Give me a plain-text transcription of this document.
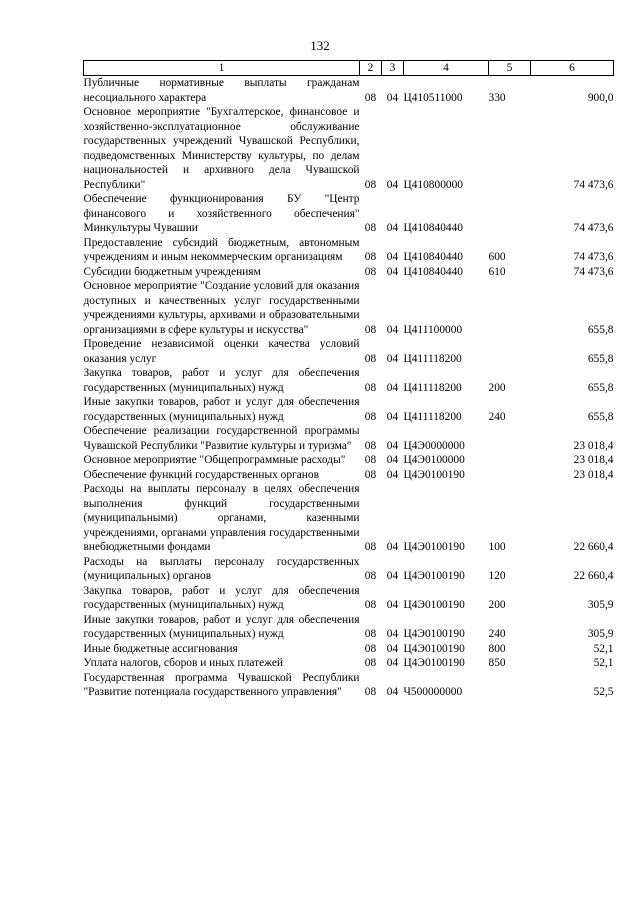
132
1	2	3	4	5	6
Публичные нормативные выплаты гражданам несоциального характера	08	04	Ц410511000	330	900,0
Основное мероприятие "Бухгалтерское, финансовое и хозяйственно-эксплуатационное обслуживание государственных учреждений Чувашской Республики, подведомственных Министерству культуры, по делам национальностей и архивного дела Чувашской Республики"	08	04	Ц410800000		74 473,6
Обеспечение функционирования БУ "Центр финансового и хозяйственного обеспечения" Минкультуры Чувашии	08	04	Ц410840440		74 473,6
Предоставление субсидий бюджетным, автономным учреждениям и иным некоммерческим организациям	08	04	Ц410840440	600	74 473,6
Субсидии бюджетным учреждениям	08	04	Ц410840440	610	74 473,6
Основное мероприятие "Создание условий для оказания доступных и качественных услуг государственными учреждениями культуры, архивами и образовательными организациями в сфере культуры и искусства"	08	04	Ц411100000		655,8
Проведение независимой оценки качества условий оказания услуг	08	04	Ц411118200		655,8
Закупка товаров, работ и услуг для обеспечения государственных (муниципальных) нужд	08	04	Ц411118200	200	655,8
Иные закупки товаров, работ и услуг для обеспечения государственных (муниципальных) нужд	08	04	Ц411118200	240	655,8
Обеспечение реализации государственной программы Чувашской Республики "Развитие культуры и туризма"	08	04	Ц4Э0000000		23 018,4
Основное мероприятие "Общепрограммные расходы"	08	04	Ц4Э0100000		23 018,4
Обеспечение функций государственных органов	08	04	Ц4Э0100190		23 018,4
Расходы на выплаты персоналу в целях обеспечения выполнения функций государственными (муниципальными) органами, казенными учреждениями, органами управления государственными внебюджетными фондами	08	04	Ц4Э0100190	100	22 660,4
Расходы на выплаты персоналу государственных (муниципальных) органов	08	04	Ц4Э0100190	120	22 660,4
Закупка товаров, работ и услуг для обеспечения государственных (муниципальных) нужд	08	04	Ц4Э0100190	200	305,9
Иные закупки товаров, работ и услуг для обеспечения государственных (муниципальных) нужд	08	04	Ц4Э0100190	240	305,9
Иные бюджетные ассигнования	08	04	Ц4Э0100190	800	52,1
Уплата налогов, сборов и иных платежей	08	04	Ц4Э0100190	850	52,1
Государственная программа Чувашской Республики "Развитие потенциала государственного управления"	08	04	Ч500000000		52,5
